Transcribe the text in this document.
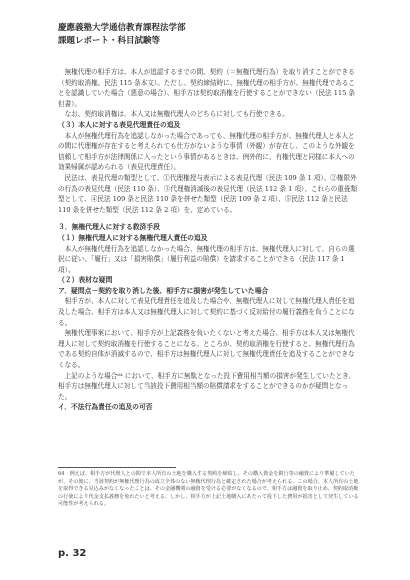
慶應義塾大学通信教育課程法学部
課題レポート・科目試験等

無権代理の相手方は、本人が追認するまでの間、契約（＝無権代理行為）を取り消すことができる（契約取消権。民法 115 条本文）。ただし、契約締結時に、無権代理の相手方が、無権代理であることを認識していた場合（悪意の場合）、相手方は契約取消権を行使することができない（民法 115 条但書）。

なお、契約取消権は、本人又は無権代理人のどちらに対しても行使できる。

（３）本人に対する表見代理責任の追及

本人が無権代理行為を追認しなかった場合であっても、無権代理の相手方が、無権代理人と本人との間に代理権が存在すると考えられても仕方がないような事情（外観）が存在し、このような外観を信頼して相手方が法律関係に入ったという事情があるときは、例外的に、有権代理と同様に本人への効果帰属が認められる（表見代理責任）。

民法は、表見代理の類型として、①代理権授与表示による表見代理（民法 109 条 1 項）、②権限外の行為の表見代理（民法 110 条）、③代理権消滅後の表見代理（民法 112 条 1 項）、これらの重畳類型として、④民法 109 条と民法 110 条を併せた類型（民法 109 条 2 項）、⑤民法 112 条と民法 110 条を併せた類型（民法 112 条 2 項）を、定めている。

３．無権代理人に対する救済手段

（１）無権代理人に対する無権代理人責任の追及

本人が無権代理行為を追認しなかった場合、無権代理の相手方は、無権代理人に対して、自らの選択に従い、「履行」又は「損害賠償」（履行利益の賠償）を請求することができる（民法 117 条 1 項）。

（２）表材な疑問

ア．疑問点－契約を取り消した後、相手方に損害が発生していた場合

相手方が、本人に対して表見代理責任を追及した場合や、無権代理人に対して無権代理人責任を追及した場合、相手方は本人又は無権代理人に対して契約に基づく反対給付の履行義務を負うことになる。

無権代理事案において、相手方が上記義務を負いたくないと考えた場合、相手方は本人又は無権代理人に対して契約取消権を行使することになる。ところが、契約取消権を行使すると、無権代理行為である契約自体が消滅するので、相手方は無権代理人に対して無権代理責任を追及することができなくなる。

上記のような場合⁶⁴ において、相手方に無駄となった投下費用相当額の損害が発生していたとき、相手方は無権代理人に対して当該投下費用相当額の賠償請求をすることができるのかが疑問となった。

イ．不法行為責任の追及の可否

64　例えば、相手方が代理人との間で本人所有の土地を購入する契約を締結し、その購入資金を銀行等の融資により準備していたが、その後に、当該契約が無権代理行為の成立全体のない無権代理行為と確定された場合が考えられる。この場合、本人所有の土地を取得できる見込みがなくなったことは、その金融機関の融資を受ける必要がなくなるので、相手方は融資を取り止め、契約取消権の行使により代金支払義務を免れたいと考える。しかし、相手方が上記土地購入にあたって投下した費用が損害として発生している可能性が考えられる。

p. 32
